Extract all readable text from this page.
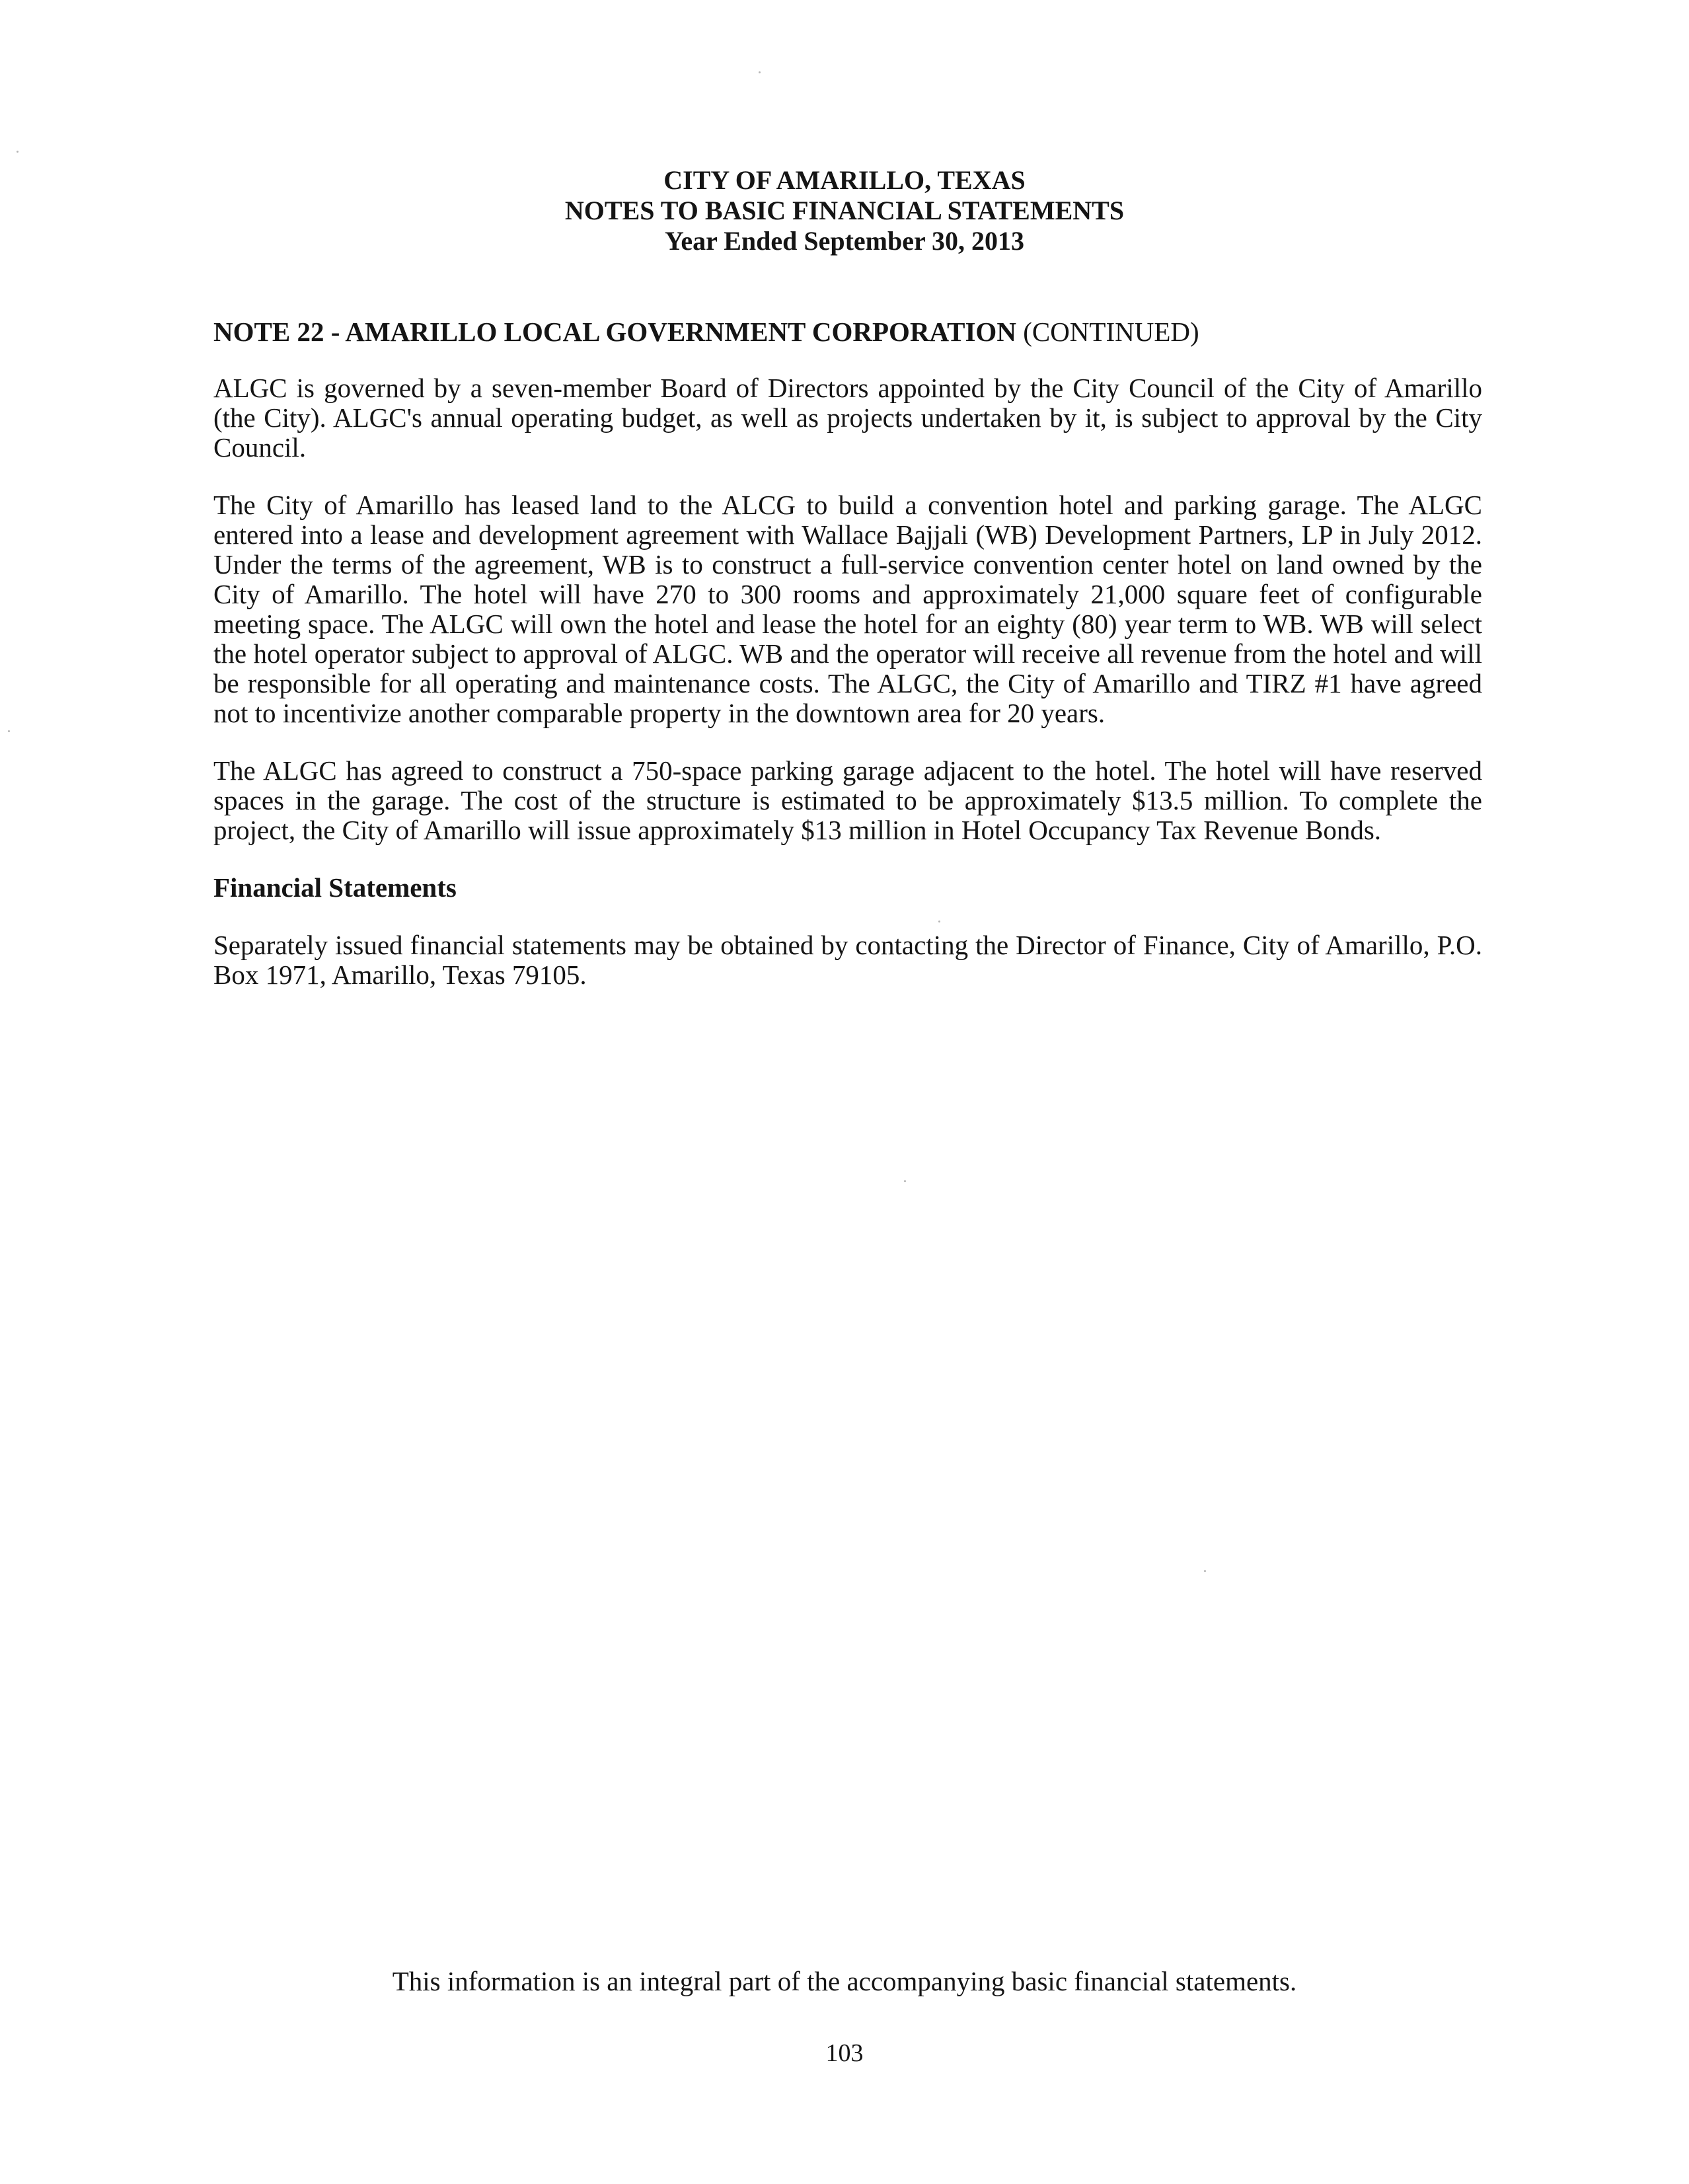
CITY OF AMARILLO, TEXAS
NOTES TO BASIC FINANCIAL STATEMENTS
Year Ended September 30, 2013
NOTE 22 - AMARILLO LOCAL GOVERNMENT CORPORATION (CONTINUED)

ALGC is governed by a seven-member Board of Directors appointed by the City Council of the City of Amarillo (the City). ALGC's annual operating budget, as well as projects undertaken by it, is subject to approval by the City Council.

The City of Amarillo has leased land to the ALCG to build a convention hotel and parking garage. The ALGC entered into a lease and development agreement with Wallace Bajjali (WB) Development Partners, LP in July 2012. Under the terms of the agreement, WB is to construct a full-service convention center hotel on land owned by the City of Amarillo. The hotel will have 270 to 300 rooms and approximately 21,000 square feet of configurable meeting space. The ALGC will own the hotel and lease the hotel for an eighty (80) year term to WB. WB will select the hotel operator subject to approval of ALGC. WB and the operator will receive all revenue from the hotel and will be responsible for all operating and maintenance costs. The ALGC, the City of Amarillo and TIRZ #1 have agreed not to incentivize another comparable property in the downtown area for 20 years.

The ALGC has agreed to construct a 750-space parking garage adjacent to the hotel. The hotel will have reserved spaces in the garage. The cost of the structure is estimated to be approximately $13.5 million. To complete the project, the City of Amarillo will issue approximately $13 million in Hotel Occupancy Tax Revenue Bonds.

Financial Statements

Separately issued financial statements may be obtained by contacting the Director of Finance, City of Amarillo, P.O. Box 1971, Amarillo, Texas 79105.

This information is an integral part of the accompanying basic financial statements.
103
